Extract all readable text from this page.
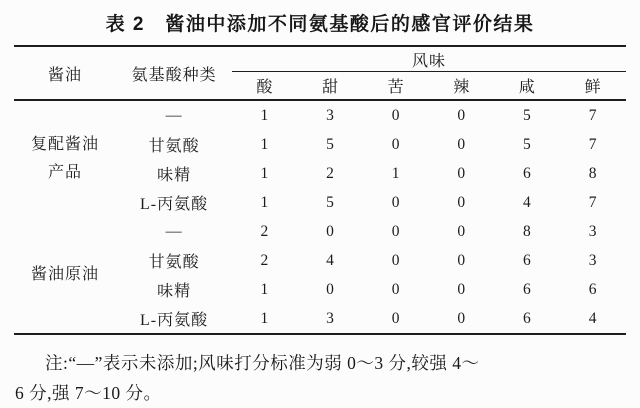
表 2　酱油中添加不同氨基酸后的感官评价结果
酱油	氨基酸种类	风味					
		酸	甜	苦	辣	咸	鲜
复配酱油产品	—	1	3	0	0	5	7
	甘氨酸	1	5	0	0	5	7
	味精	1	2	1	0	6	8
	L-丙氨酸	1	5	0	0	4	7
酱油原油	—	2	0	0	0	8	3
	甘氨酸	2	4	0	0	6	3
	味精	1	0	0	0	6	6
	L-丙氨酸	1	3	0	0	6	4
注:“—”表示未添加;风味打分标准为弱 0～3 分,较强 4～
6 分,强 7～10 分。
